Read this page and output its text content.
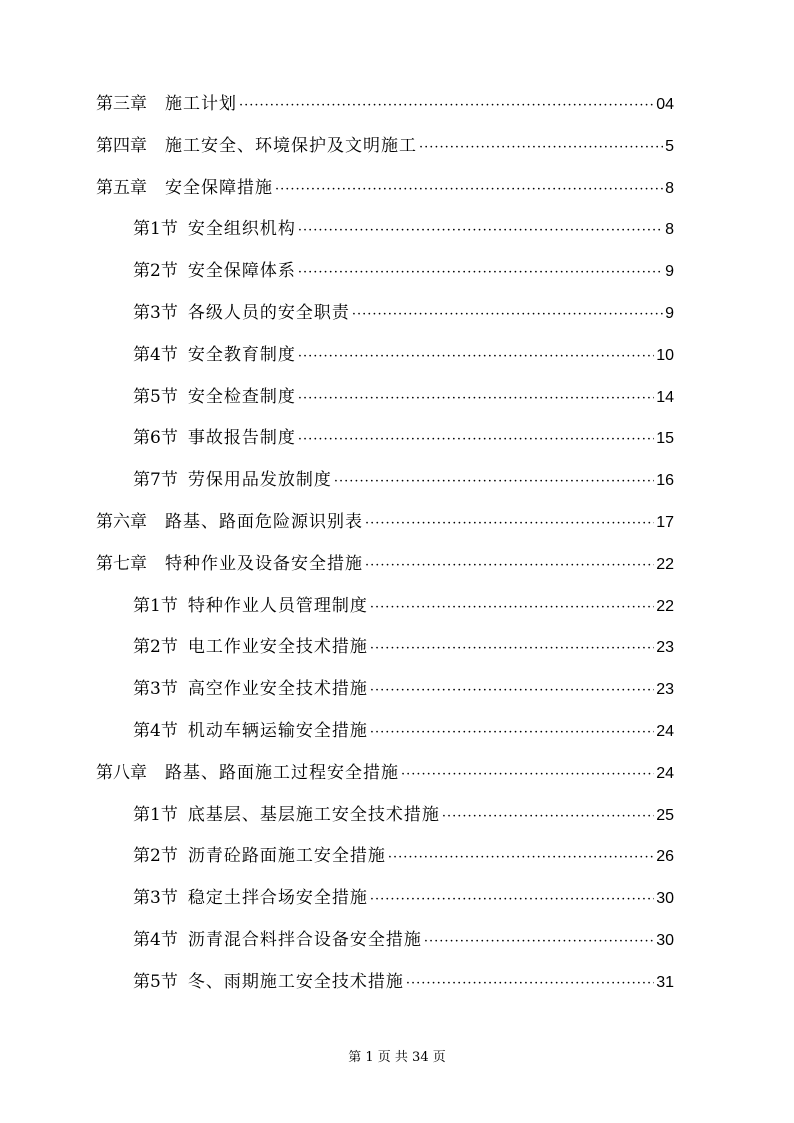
第三章 施工计划 ·····	04
第四章 施工安全、环境保护及文明施工 ·····	5
第五章 安全保障措施 ·····	8
第1节 安全组织机构 ·····	8
第2节 安全保障体系 ·····	9
第3节 各级人员的安全职责 ·····	9
第4节 安全教育制度 ·····	10
第5节 安全检查制度 ·····	14
第6节 事故报告制度 ·····	15
第7节 劳保用品发放制度 ·····	16
第六章 路基、路面危险源识别表 ·····	17
第七章 特种作业及设备安全措施 ·····	22
第1节 特种作业人员管理制度 ·····	22
第2节 电工作业安全技术措施 ·····	23
第3节 高空作业安全技术措施 ·····	23
第4节 机动车辆运输安全措施 ·····	24
第八章 路基、路面施工过程安全措施 ·····	24
第1节 底基层、基层施工安全技术措施 ·····	25
第2节 沥青砼路面施工安全措施 ·····	26
第3节 稳定土拌合场安全措施 ·····	30
第4节 沥青混合料拌合设备安全措施 ·····	30
第5节 冬、雨期施工安全技术措施 ·····	31
第 1 页 共 34 页
